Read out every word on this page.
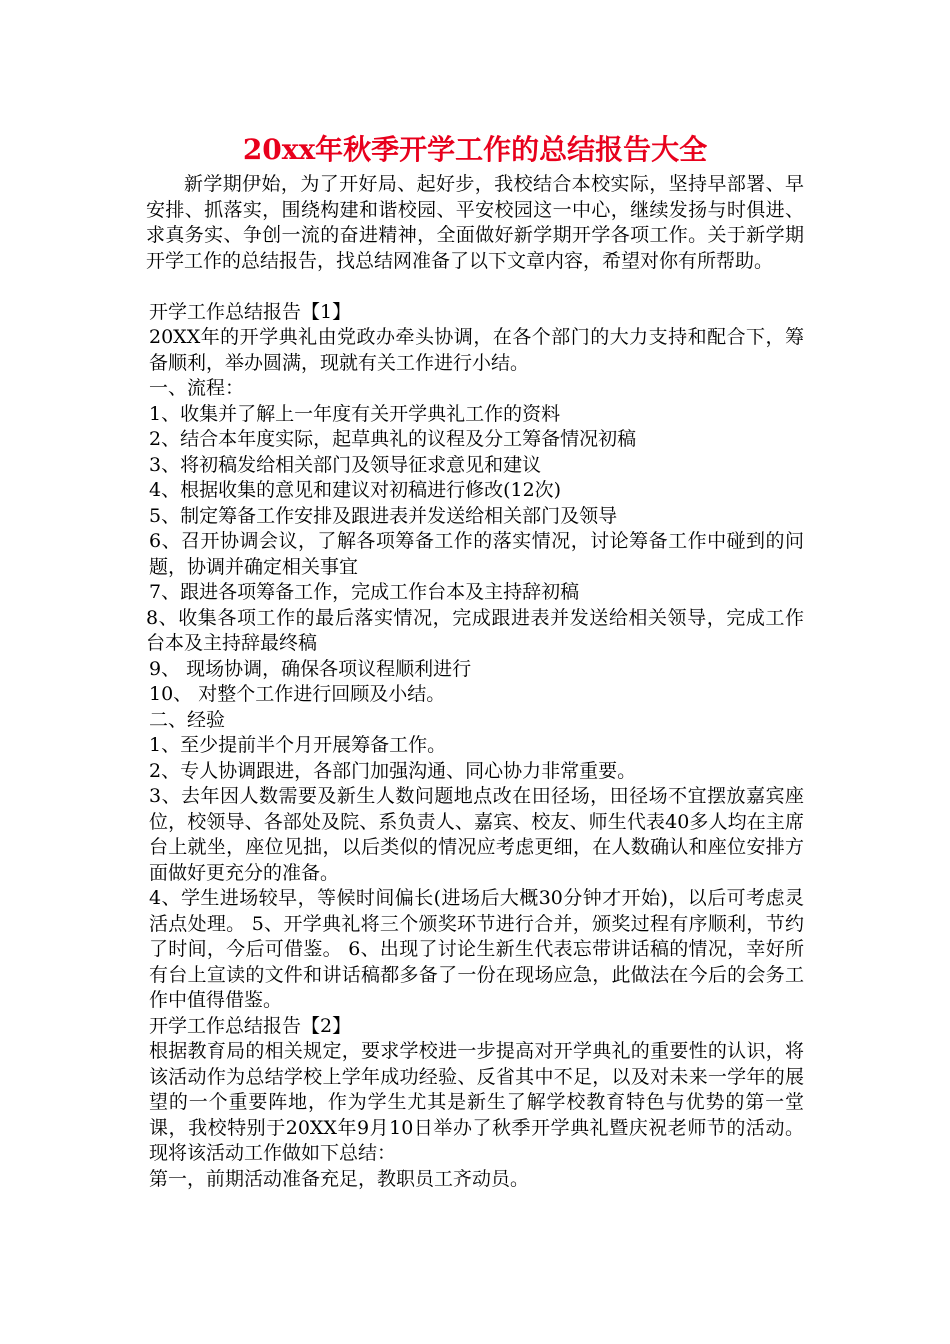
20xx年秋季开学工作的总结报告大全

新学期伊始，为了开好局、起好步，我校结合本校实际，坚持早部署、早安排、抓落实，围绕构建和谐校园、平安校园这一中心，继续发扬与时俱进、求真务实、争创一流的奋进精神，全面做好新学期开学各项工作。关于新学期开学工作的总结报告，找总结网准备了以下文章内容，希望对你有所帮助。

开学工作总结报告【1】

20XX年的开学典礼由党政办牵头协调，在各个部门的大力支持和配合下，筹备顺利，举办圆满，现就有关工作进行小结。

一、流程：

1、收集并了解上一年度有关开学典礼工作的资料

2、结合本年度实际，起草典礼的议程及分工筹备情况初稿

3、将初稿发给相关部门及领导征求意见和建议

4、根据收集的意见和建议对初稿进行修改(12次)

5、制定筹备工作安排及跟进表并发送给相关部门及领导

6、召开协调会议，了解各项筹备工作的落实情况，讨论筹备工作中碰到的问题，协调并确定相关事宜

7、跟进各项筹备工作，完成工作台本及主持辞初稿

8、收集各项工作的最后落实情况，完成跟进表并发送给相关领导，完成工作台本及主持辞最终稿

9、 现场协调，确保各项议程顺利进行

10、 对整个工作进行回顾及小结。

二、经验

1、至少提前半个月开展筹备工作。

2、专人协调跟进，各部门加强沟通、同心协力非常重要。

3、去年因人数需要及新生人数问题地点改在田径场，田径场不宜摆放嘉宾座位，校领导、各部处及院、系负责人、嘉宾、校友、师生代表40多人均在主席台上就坐，座位见拙，以后类似的情况应考虑更细，在人数确认和座位安排方面做好更充分的准备。

4、学生进场较早，等候时间偏长(进场后大概30分钟才开始)，以后可考虑灵活点处理。 5、开学典礼将三个颁奖环节进行合并，颁奖过程有序顺利，节约了时间，今后可借鉴。 6、出现了讨论生新生代表忘带讲话稿的情况，幸好所有台上宣读的文件和讲话稿都多备了一份在现场应急，此做法在今后的会务工作中值得借鉴。

开学工作总结报告【2】

根据教育局的相关规定，要求学校进一步提高对开学典礼的重要性的认识，将该活动作为总结学校上学年成功经验、反省其中不足，以及对未来一学年的展望的一个重要阵地，作为学生尤其是新生了解学校教育特色与优势的第一堂课，我校特别于20XX年9月10日举办了秋季开学典礼暨庆祝老师节的活动。现将该活动工作做如下总结：

第一，前期活动准备充足，教职员工齐动员。
